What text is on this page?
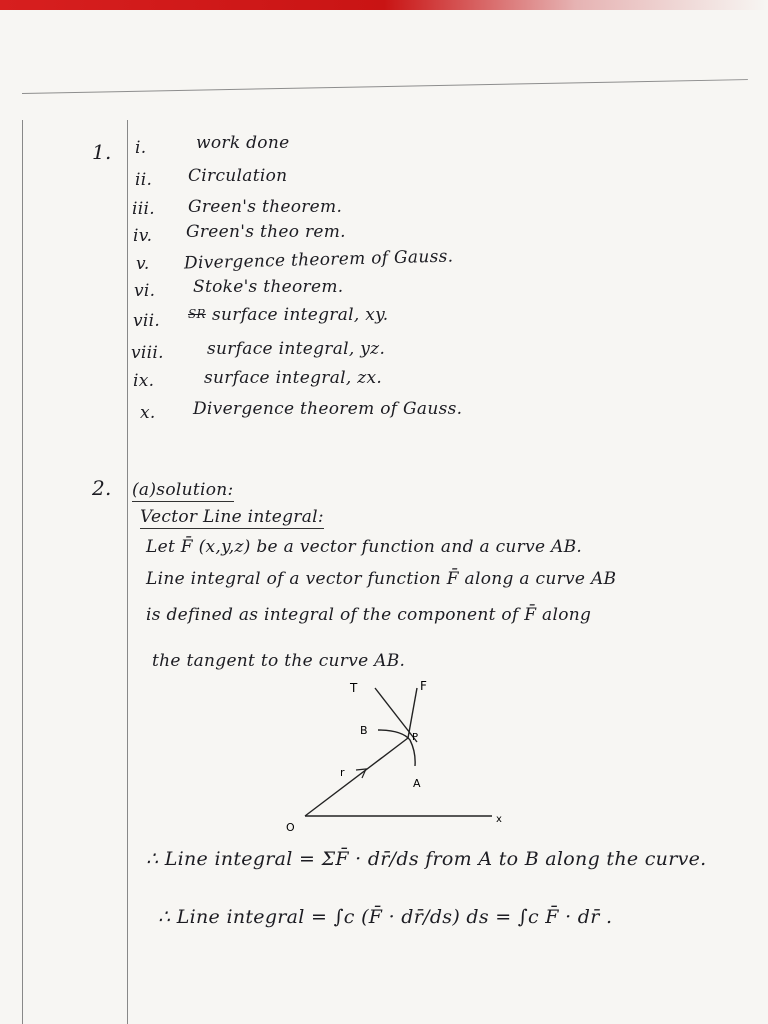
1. i.	work done
ii. Circulation
iii. Green's theorem.
iv. Green's theo rem.
v. Divergence theorem of Gauss.
vi. Stoke's theorem.
vii. SR surface integral, xy.
viii.	surface integral, yz.
ix.	surface integral, zx.
x. Divergence theorem of Gauss.
2. (a)solution:
Vector Line integral:
Let F̄ (x,y,z) be a vector function and a curve AB.
Line integral of a vector function F̄ along a curve AB
is defined as integral of the component of F̄ along
the tangent to the curve AB.
T	F
B
P
r
A
O
x
∴ Line integral = ΣF̄ · dr̄/ds from A to B along the curve.
∴ Line integral = ∫c (F̄ · dr̄/ds) ds = ∫c F̄ · dr̄ .
